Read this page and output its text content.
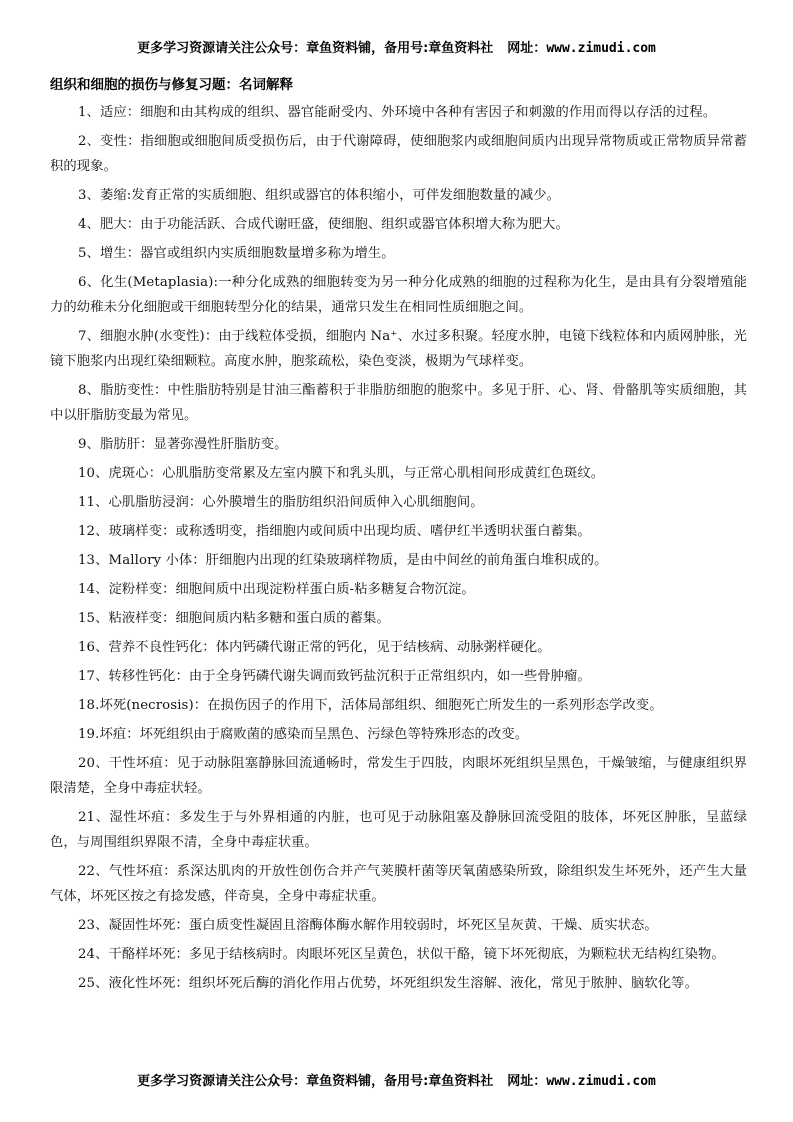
更多学习资源请关注公众号：章鱼资料铺，备用号:章鱼资料社 网址：www.zimudi.com
组织和细胞的损伤与修复习题：名词解释
1、适应：细胞和由其构成的组织、器官能耐受内、外环境中各种有害因子和刺激的作用而得以存活的过程。
2、变性：指细胞或细胞间质受损伤后，由于代谢障碍，使细胞浆内或细胞间质内出现异常物质或正常物质异常蓄积的现象。
3、萎缩:发育正常的实质细胞、组织或器官的体积缩小，可伴发细胞数量的减少。
4、肥大：由于功能活跃、合成代谢旺盛，使细胞、组织或器官体积增大称为肥大。
5、增生：器官或组织内实质细胞数量增多称为增生。
6、化生(Metaplasia):一种分化成熟的细胞转变为另一种分化成熟的细胞的过程称为化生，是由具有分裂增殖能力的幼稚未分化细胞或干细胞转型分化的结果，通常只发生在相同性质细胞之间。
7、细胞水肿(水变性)：由于线粒体受损，细胞内 Na⁺、水过多积聚。轻度水肿，电镜下线粒体和内质网肿胀，光镜下胞浆内出现红染细颗粒。高度水肿，胞浆疏松，染色变淡，极期为气球样变。
8、脂肪变性：中性脂肪特别是甘油三酯蓄积于非脂肪细胞的胞浆中。多见于肝、心、肾、骨骼肌等实质细胞，其中以肝脂肪变最为常见。
9、脂肪肝：显著弥漫性肝脂肪变。
10、虎斑心：心肌脂肪变常累及左室内膜下和乳头肌，与正常心肌相间形成黄红色斑纹。
11、心肌脂肪浸润：心外膜增生的脂肪组织沿间质伸入心肌细胞间。
12、玻璃样变：或称透明变，指细胞内或间质中出现均质、嗜伊红半透明状蛋白蓄集。
13、Mallory 小体：肝细胞内出现的红染玻璃样物质，是由中间丝的前角蛋白堆积成的。
14、淀粉样变：细胞间质中出现淀粉样蛋白质-粘多糖复合物沉淀。
15、粘液样变：细胞间质内粘多糖和蛋白质的蓄集。
16、营养不良性钙化：体内钙磷代谢正常的钙化，见于结核病、动脉粥样硬化。
17、转移性钙化：由于全身钙磷代谢失调而致钙盐沉积于正常组织内，如一些骨肿瘤。
18.坏死(necrosis)：在损伤因子的作用下，活体局部组织、细胞死亡所发生的一系列形态学改变。
19.坏疽：坏死组织由于腐败菌的感染而呈黑色、污绿色等特殊形态的改变。
20、干性坏疽：见于动脉阻塞静脉回流通畅时，常发生于四肢，肉眼坏死组织呈黑色，干燥皱缩，与健康组织界限清楚，全身中毒症状轻。
21、湿性坏疽：多发生于与外界相通的内脏，也可见于动脉阻塞及静脉回流受阻的肢体，坏死区肿胀，呈蓝绿色，与周围组织界限不清，全身中毒症状重。
22、气性坏疽：系深达肌肉的开放性创伤合并产气荚膜杆菌等厌氧菌感染所致，除组织发生坏死外，还产生大量气体，坏死区按之有捻发感，伴奇臭，全身中毒症状重。
23、凝固性坏死：蛋白质变性凝固且溶酶体酶水解作用较弱时，坏死区呈灰黄、干燥、质实状态。
24、干酪样坏死：多见于结核病时。肉眼坏死区呈黄色，状似干酪，镜下坏死彻底，为颗粒状无结构红染物。
25、液化性坏死：组织坏死后酶的消化作用占优势，坏死组织发生溶解、液化，常见于脓肿、脑软化等。
更多学习资源请关注公众号：章鱼资料铺，备用号:章鱼资料社 网址：www.zimudi.com
